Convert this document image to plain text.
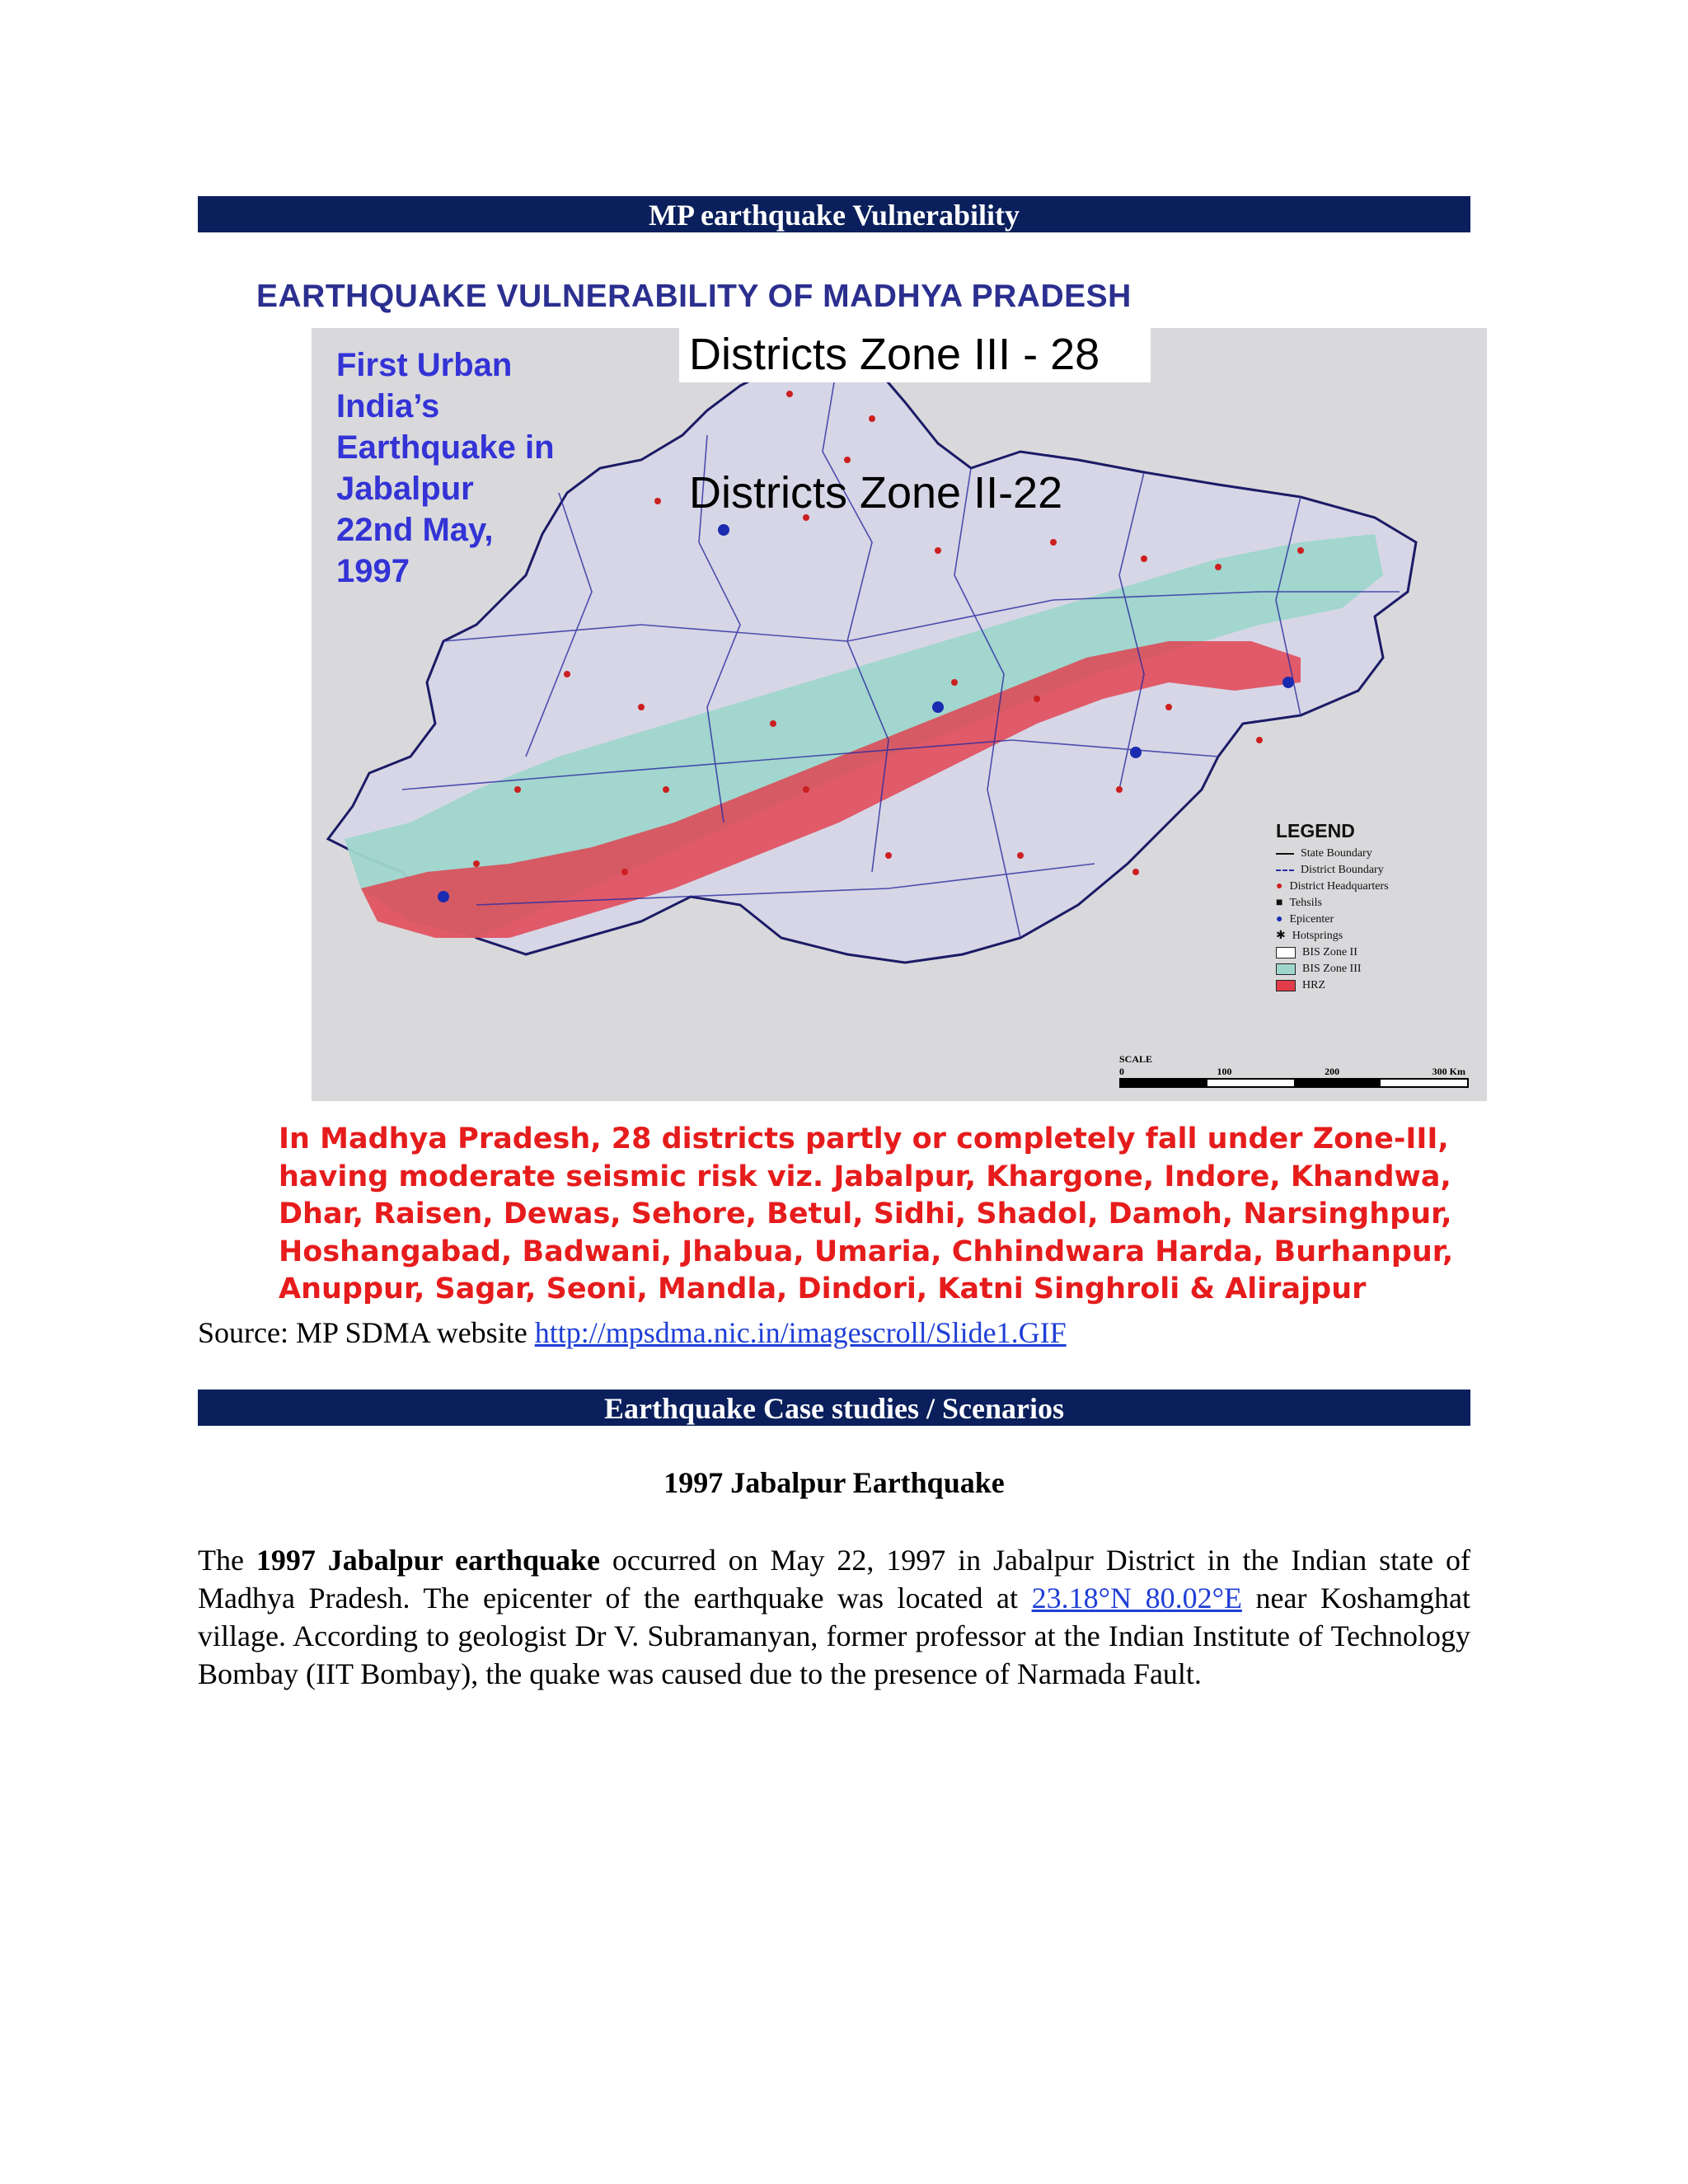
MP earthquake Vulnerability
EARTHQUAKE VULNERABILITY OF MADHYA PRADESH
Districts Zone III - 28
Districts Zone II-22
LEGEND
State Boundary
District Boundary
● District Headquarters
■ Tehsils
● Epicenter
✱ Hotsprings
BIS Zone II
BIS Zone III
HRZ
SCALE
0	100	200	300 Km
First Urban
India’s
Earthquake in
Jabalpur
22nd May,
1997
In Madhya Pradesh, 28 districts partly or completely fall under Zone-III, having moderate seismic risk viz. Jabalpur, Khargone, Indore, Khandwa, Dhar, Raisen, Dewas, Sehore, Betul, Sidhi, Shadol, Damoh, Narsinghpur, Hoshangabad, Badwani, Jhabua, Umaria, Chhindwara Harda, Burhanpur, Anuppur, Sagar, Seoni, Mandla, Dindori, Katni Singhroli & Alirajpur
Source: MP SDMA website http://mpsdma.nic.in/imagescroll/Slide1.GIF
Earthquake Case studies / Scenarios
1997 Jabalpur Earthquake
The 1997 Jabalpur earthquake occurred on May 22, 1997 in Jabalpur District in the Indian state of Madhya Pradesh. The epicenter of the earthquake was located at 23.18°N 80.02°E near Koshamghat village. According to geologist Dr V. Subramanyan, former professor at the Indian Institute of Technology Bombay (IIT Bombay), the quake was caused due to the presence of Narmada Fault.
